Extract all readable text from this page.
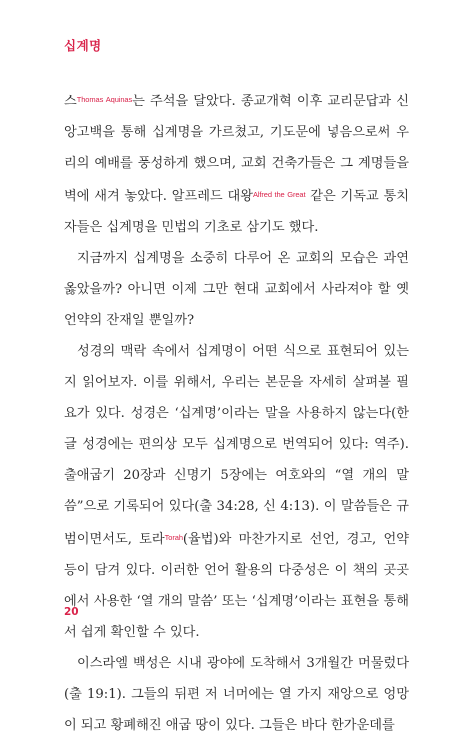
십계명

스$^{Thomas Aquinas}$는 주석을 달았다. 종교개혁 이후 교리문답과 신앙고백을 통해 십계명을 가르쳤고, 기도문에 넣음으로써 우리의 예배를 풍성하게 했으며, 교회 건축가들은 그 계명들을 벽에 새겨 놓았다. 알프레드 대왕$^{Alfred the Great}$ 같은 기독교 통치자들은 십계명을 민법의 기초로 삼기도 했다.

지금까지 십계명을 소중히 다루어 온 교회의 모습은 과연 옳았을까? 아니면 이제 그만 현대 교회에서 사라져야 할 옛 언약의 잔재일 뿐일까?

성경의 맥락 속에서 십계명이 어떤 식으로 표현되어 있는지 읽어보자. 이를 위해서, 우리는 본문을 자세히 살펴볼 필요가 있다. 성경은 ‘십계명’이라는 말을 사용하지 않는다(한글 성경에는 편의상 모두 십계명으로 번역되어 있다: 역주). 출애굽기 20장과 신명기 5장에는 여호와의 “열 개의 말씀”으로 기록되어 있다(출 34:28, 신 4:13). 이 말씀들은 규범이면서도, 토라$^{Torah}$(율법)와 마찬가지로 선언, 경고, 언약 등이 담겨 있다. 이러한 언어 활용의 다중성은 이 책의 곳곳에서 사용한 ‘열 개의 말씀’ 또는 ‘십계명’이라는 표현을 통해서 쉽게 확인할 수 있다.

이스라엘 백성은 시내 광야에 도착해서 3개월간 머물렀다(출 19:1). 그들의 뒤편 저 너머에는 열 가지 재앙으로 엉망이 되고 황폐해진 애굽 땅이 있다. 그들은 바다 한가운데를

20
